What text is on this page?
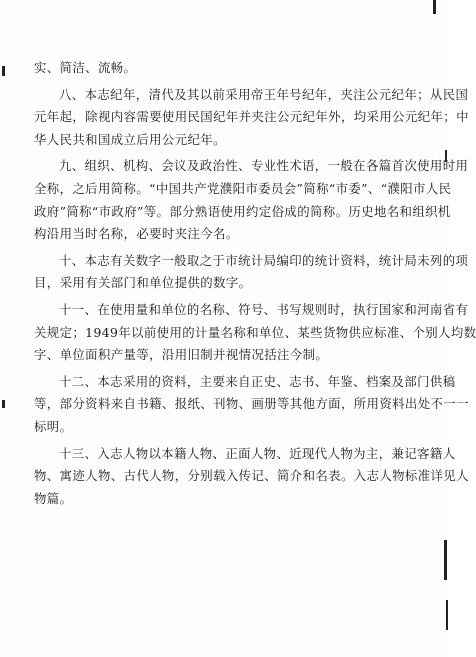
实、简洁、流畅。
八、本志纪年，清代及其以前采用帝王年号纪年，夹注公元纪年；从民国
元年起，除视内容需要使用民国纪年并夹注公元纪年外，均采用公元纪年；中
华人民共和国成立后用公元纪年。
九、组织、机构、会议及政治性、专业性术语，一般在各篇首次使用时用
全称，之后用简称。“中国共产党濮阳市委员会”简称“市委”、“濮阳市人民
政府”简称“市政府”等。部分熟语使用约定俗成的简称。历史地名和组织机
构沿用当时名称，必要时夹注今名。
十、本志有关数字一般取之于市统计局编印的统计资料，统计局未列的项
目，采用有关部门和单位提供的数字。
十一、在使用量和单位的名称、符号、书写规则时，执行国家和河南省有
关规定；1949年以前使用的计量名称和单位、某些货物供应标准、个别人均数
字、单位面积产量等，沿用旧制并视情况括注今制。
十二、本志采用的资料，主要来自正史、志书、年鉴、档案及部门供稿
等，部分资料来自书籍、报纸、刊物、画册等其他方面，所用资料出处不一一
标明。
十三、入志人物以本籍人物、正面人物、近现代人物为主，兼记客籍人
物、寓迹人物、古代人物，分别载入传记、简介和名表。入志人物标准详见人
物篇。
